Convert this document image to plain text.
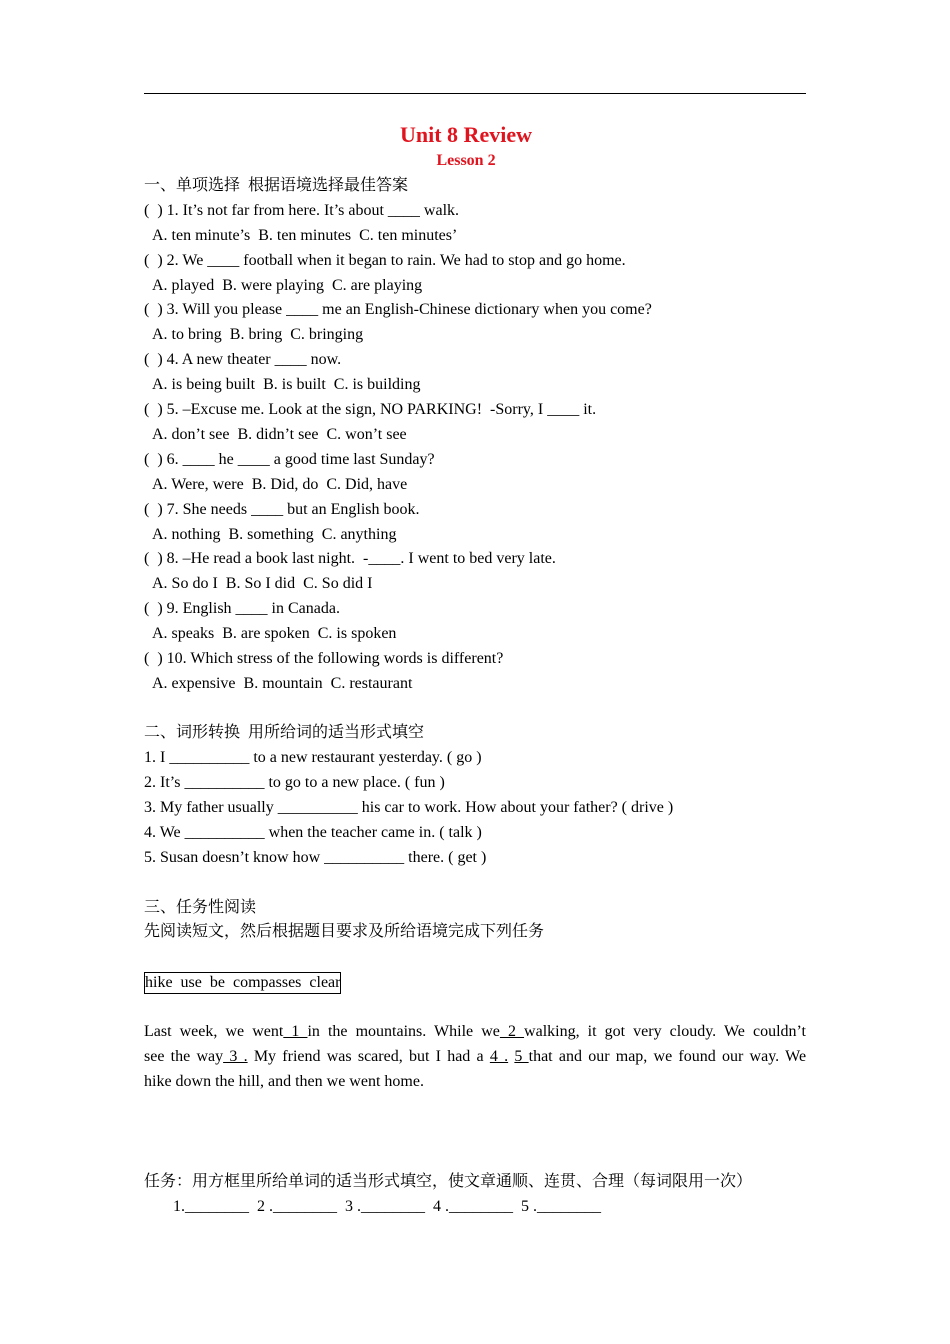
Unit 8 Review
Lesson 2
一、单项选择  根据语境选择最佳答案
(  ) 1. It’s not far from here. It’s about ____ walk.
A. ten minute’s  B. ten minutes  C. ten minutes’
(  ) 2. We ____ football when it began to rain. We had to stop and go home.
A. played  B. were playing  C. are playing
(  ) 3. Will you please ____ me an English-Chinese dictionary when you come?
A. to bring  B. bring  C. bringing
(  ) 4. A new theater ____ now.
A. is being built  B. is built  C. is building
(  ) 5. –Excuse me. Look at the sign, NO PARKING!  -Sorry, I ____ it.
A. don’t see  B. didn’t see  C. won’t see
(  ) 6. ____ he ____ a good time last Sunday?
A. Were, were  B. Did, do  C. Did, have
(  ) 7. She needs ____ but an English book.
A. nothing  B. something  C. anything
(  ) 8. –He read a book last night.  -____. I went to bed very late.
A. So do I  B. So I did  C. So did I
(  ) 9. English ____ in Canada.
A. speaks  B. are spoken  C. is spoken
(  ) 10. Which stress of the following words is different?
A. expensive  B. mountain  C. restaurant
二、词形转换  用所给词的适当形式填空
1. I __________ to a new restaurant yesterday. ( go )
2. It’s __________ to go to a new place. ( fun )
3. My father usually __________ his car to work. How about your father? ( drive )
4. We __________ when the teacher came in. ( talk )
5. Susan doesn’t know how __________ there. ( get )
三、任务性阅读
先阅读短文，然后根据题目要求及所给语境完成下列任务
hike  use  be  compasses  clear
Last week, we went 1 in the mountains. While we 2 walking, it got very cloudy. We couldn’t
see the way 3 . My friend was scared, but I had a 4 . 5 that and our map, we found our way. We
hike down the hill, and then we went home.
任务：用方框里所给单词的适当形式填空，使文章通顺、连贯、合理（每词限用一次）
1.________  2 .________  3 .________  4 .________  5 .________
